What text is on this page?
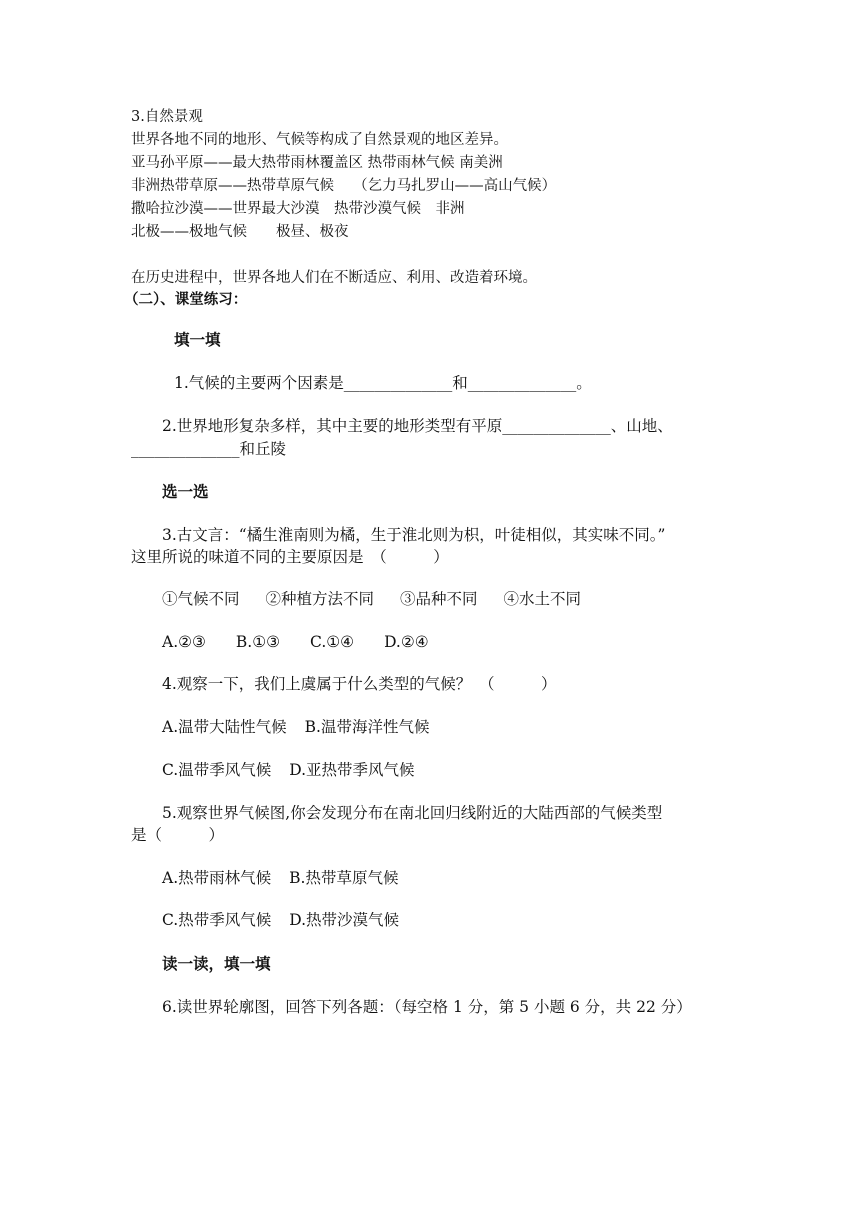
3.自然景观
世界各地不同的地形、气候等构成了自然景观的地区差异。
亚马孙平原——最大热带雨林覆盖区 热带雨林气候 南美洲
非洲热带草原——热带草原气候　 （乞力马扎罗山——高山气候）
撒哈拉沙漠——世界最大沙漠　热带沙漠气候　非洲
北极——极地气候　　极昼、极夜
在历史进程中，世界各地人们在不断适应、利用、改造着环境。
（二）、课堂练习：
填一填
1.气候的主要两个因素是______________和______________。
2.世界地形复杂多样，其中主要的地形类型有平原______________、山地、
______________和丘陵
选一选
3.古文言：“橘生淮南则为橘，生于淮北则为枳，叶徒相似，其实味不同。”
这里所说的味道不同的主要原因是　（　　　）
①气候不同 ②种植方法不同 ③品种不同 ④水土不同
A.②③ B.①③ C.①④ D.②④
4.观察一下，我们上虞属于什么类型的气候？　（　　　）
A.温带大陆性气候 B.温带海洋性气候
C.温带季风气候 D.亚热带季风气候
5.观察世界气候图,你会发现分布在南北回归线附近的大陆西部的气候类型
是（　　　）
A.热带雨林气候 B.热带草原气候
C.热带季风气候 D.热带沙漠气候
读一读，填一填
6.读世界轮廓图，回答下列各题：（每空格 1 分，第 5 小题 6 分，共 22 分）
